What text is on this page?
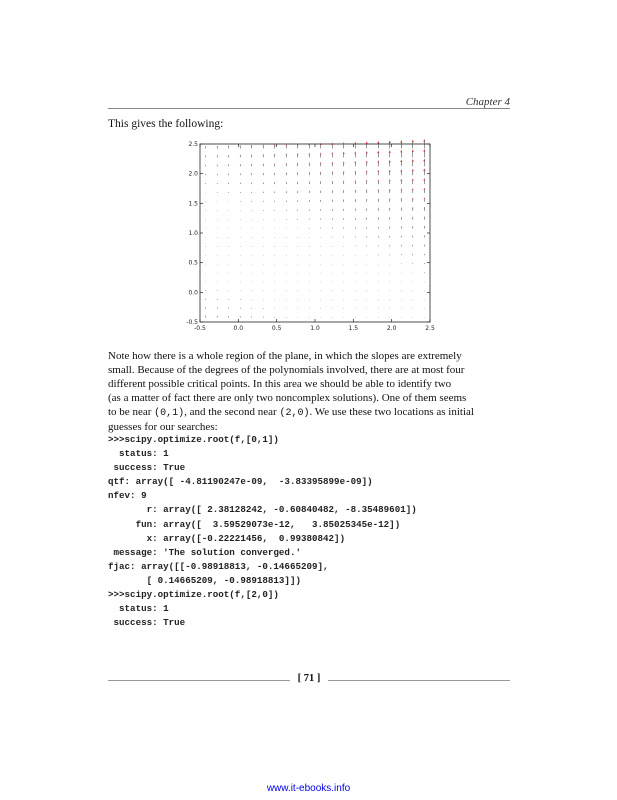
Chapter 4
This gives the following:
-0.5	0.0	0.5	1.0	1.5	2.0	2.5
-0.5
0.0
0.5
1.0
1.5
2.0
2.5
Note how there is a whole region of the plane, in which the slopes are extremely
small. Because of the degrees of the polynomials involved, there are at most four
different possible critical points. In this area we should be able to identify two
(as a matter of fact there are only two noncomplex solutions). One of them seems
to be near (0,1), and the second near (2,0). We use these two locations as initial
guesses for our searches:
>>>scipy.optimize.root(f,[0,1])
status: 1
success: True
qtf: array([ -4.81190247e-09,  -3.83395899e-09])
nfev: 9
r: array([ 2.38128242, -0.60840482, -8.35489601])
fun: array([  3.59529073e-12,   3.85025345e-12])
x: array([-0.22221456,  0.99380842])
message: 'The solution converged.'
fjac: array([[-0.98918813, -0.14665209],
[ 0.14665209, -0.98918813]])
>>>scipy.optimize.root(f,[2,0])
status: 1
success: True
[ 71 ]
www.it-ebooks.info
